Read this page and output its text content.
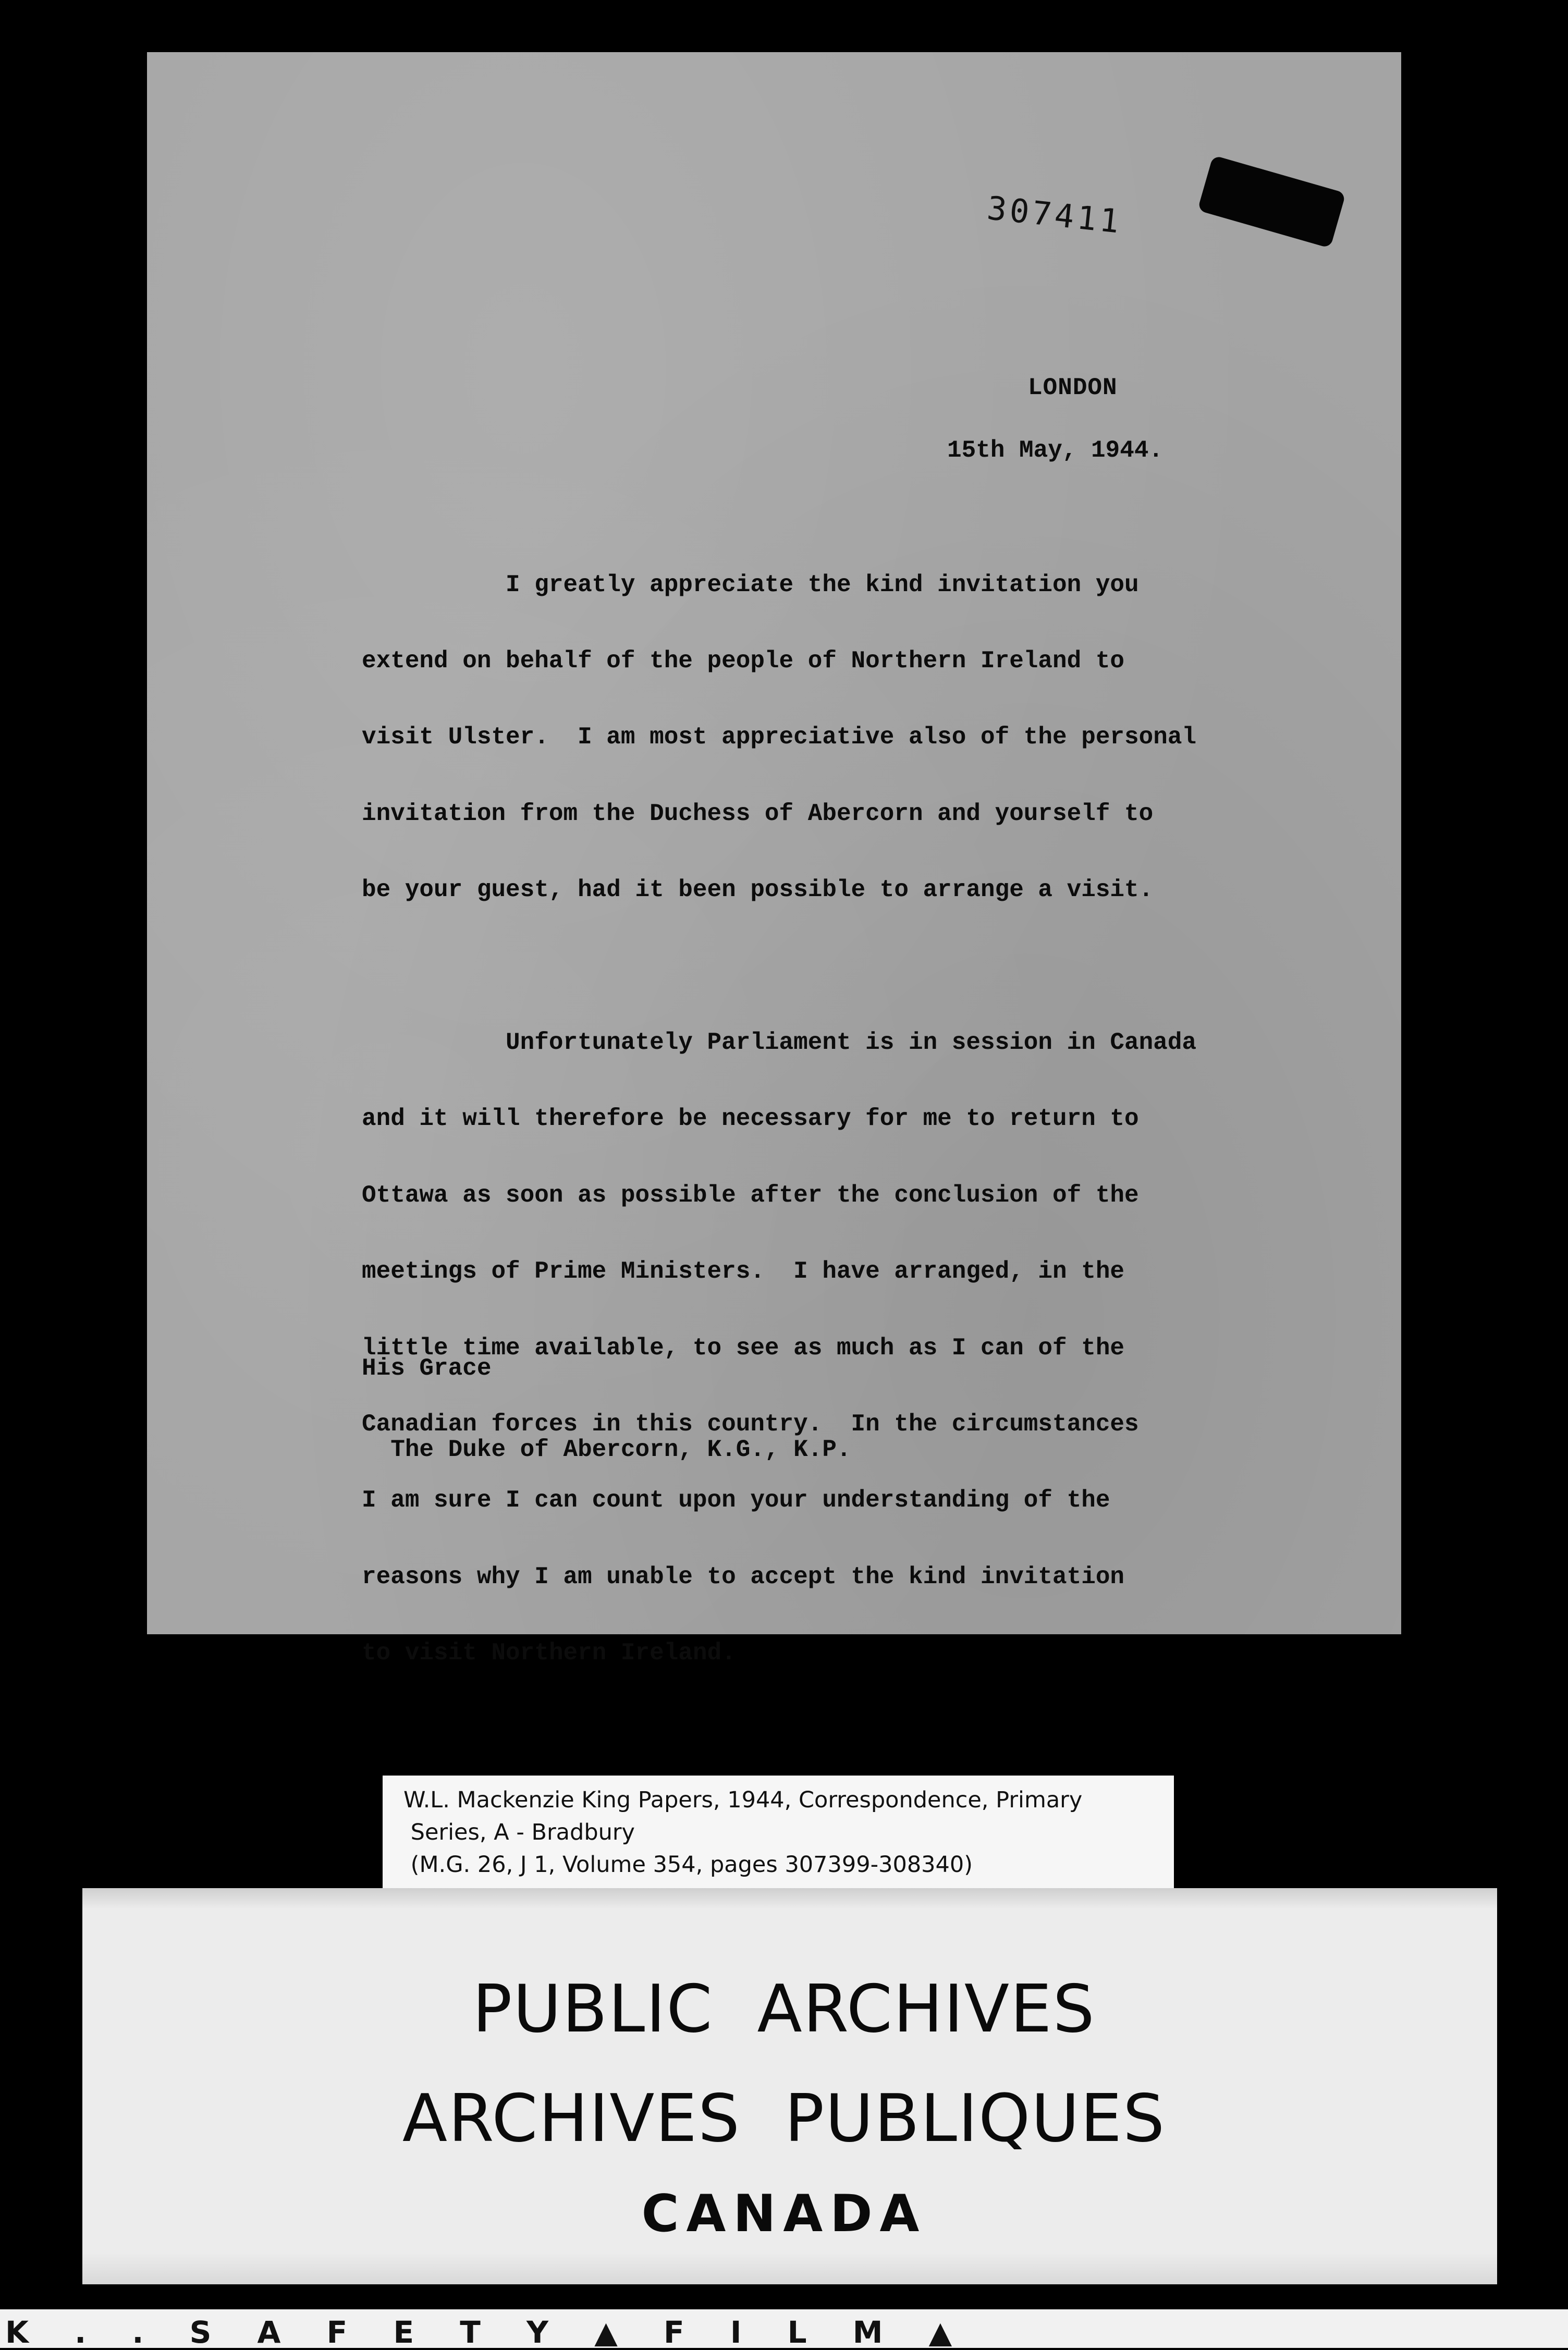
307411
LONDON
15th May, 1944.

I greatly appreciate the kind invitation you

extend on behalf of the people of Northern Ireland to

visit Ulster.  I am most appreciative also of the personal

invitation from the Duchess of Abercorn and yourself to

be your guest, had it been possible to arrange a visit.

Unfortunately Parliament is in session in Canada

and it will therefore be necessary for me to return to

Ottawa as soon as possible after the conclusion of the

meetings of Prime Ministers.  I have arranged, in the

little time available, to see as much as I can of the

Canadian forces in this country.  In the circumstances

I am sure I can count upon your understanding of the

reasons why I am unable to accept the kind invitation

to visit Northern Ireland.

His Grace

The Duke of Abercorn, K.G., K.P.

W.L. Mackenzie King Papers, 1944, Correspondence, Primary
Series, A - Bradbury
(M.G. 26, J 1, Volume 354, pages 307399-308340)
PUBLIC  ARCHIVES
ARCHIVES  PUBLIQUES
CANADA
K . . S A F E T Y ▲ F I L M ▲
